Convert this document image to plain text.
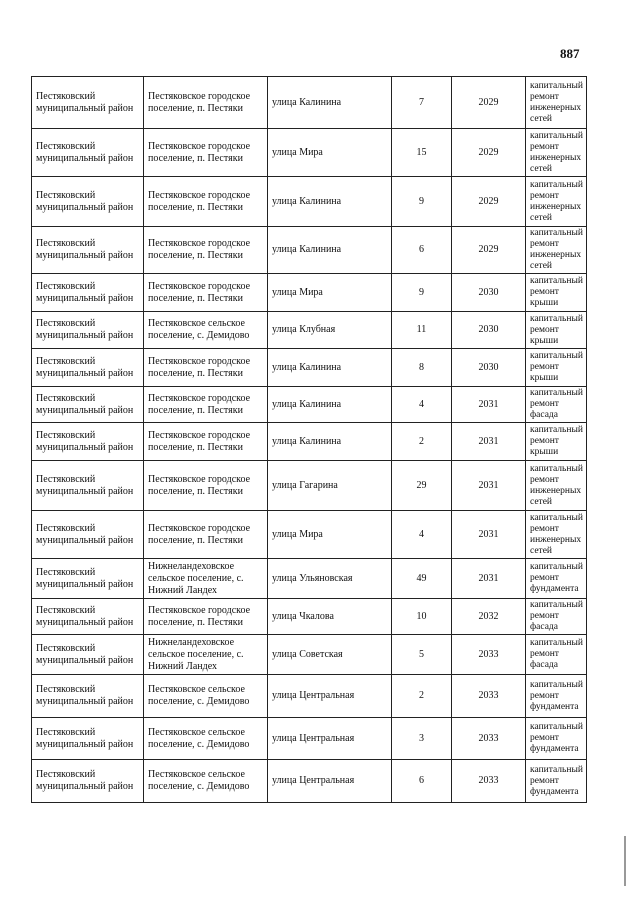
887
Пестяковский муниципальный район	Пестяковское городское поселение, п. Пестяки	улица Калинина	7	2029	капитальный ремонт инженерных сетей
Пестяковский муниципальный район	Пестяковское городское поселение, п. Пестяки	улица Мира	15	2029	капитальный ремонт инженерных сетей
Пестяковский муниципальный район	Пестяковское городское поселение, п. Пестяки	улица Калинина	9	2029	капитальный ремонт инженерных сетей
Пестяковский муниципальный район	Пестяковское городское поселение, п. Пестяки	улица Калинина	6	2029	капитальный ремонт инженерных сетей
Пестяковский муниципальный район	Пестяковское городское поселение, п. Пестяки	улица Мира	9	2030	капитальный ремонт крыши
Пестяковский муниципальный район	Пестяковское сельское поселение, с. Демидово	улица Клубная	11	2030	капитальный ремонт крыши
Пестяковский муниципальный район	Пестяковское городское поселение, п. Пестяки	улица Калинина	8	2030	капитальный ремонт крыши
Пестяковский муниципальный район	Пестяковское городское поселение, п. Пестяки	улица Калинина	4	2031	капитальный ремонт фасада
Пестяковский муниципальный район	Пестяковское городское поселение, п. Пестяки	улица Калинина	2	2031	капитальный ремонт крыши
Пестяковский муниципальный район	Пестяковское городское поселение, п. Пестяки	улица Гагарина	29	2031	капитальный ремонт инженерных сетей
Пестяковский муниципальный район	Пестяковское городское поселение, п. Пестяки	улица Мира	4	2031	капитальный ремонт инженерных сетей
Пестяковский муниципальный район	Нижнеландеховское сельское поселение, с. Нижний Ландех	улица Ульяновская	49	2031	капитальный ремонт фундамента
Пестяковский муниципальный район	Пестяковское городское поселение, п. Пестяки	улица Чкалова	10	2032	капитальный ремонт фасада
Пестяковский муниципальный район	Нижнеландеховское сельское поселение, с. Нижний Ландех	улица Советская	5	2033	капитальный ремонт фасада
Пестяковский муниципальный район	Пестяковское сельское поселение, с. Демидово	улица Центральная	2	2033	капитальный ремонт фундамента
Пестяковский муниципальный район	Пестяковское сельское поселение, с. Демидово	улица Центральная	3	2033	капитальный ремонт фундамента
Пестяковский муниципальный район	Пестяковское сельское поселение, с. Демидово	улица Центральная	6	2033	капитальный ремонт фундамента
